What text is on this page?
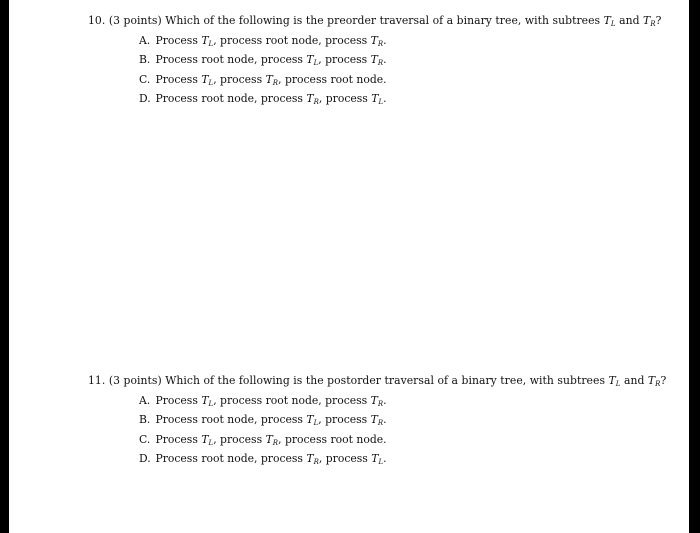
10. (3 points) Which of the following is the preorder traversal of a binary tree, with subtrees $T_L$ and $T_R$?
A. Process $T_L$, process root node, process $T_R$.
B. Process root node, process $T_L$, process $T_R$.
C. Process $T_L$, process $T_R$, process root node.
D. Process root node, process $T_R$, process $T_L$.
11. (3 points) Which of the following is the postorder traversal of a binary tree, with subtrees $T_L$ and $T_R$?
A. Process $T_L$, process root node, process $T_R$.
B. Process root node, process $T_L$, process $T_R$.
C. Process $T_L$, process $T_R$, process root node.
D. Process root node, process $T_R$, process $T_L$.
